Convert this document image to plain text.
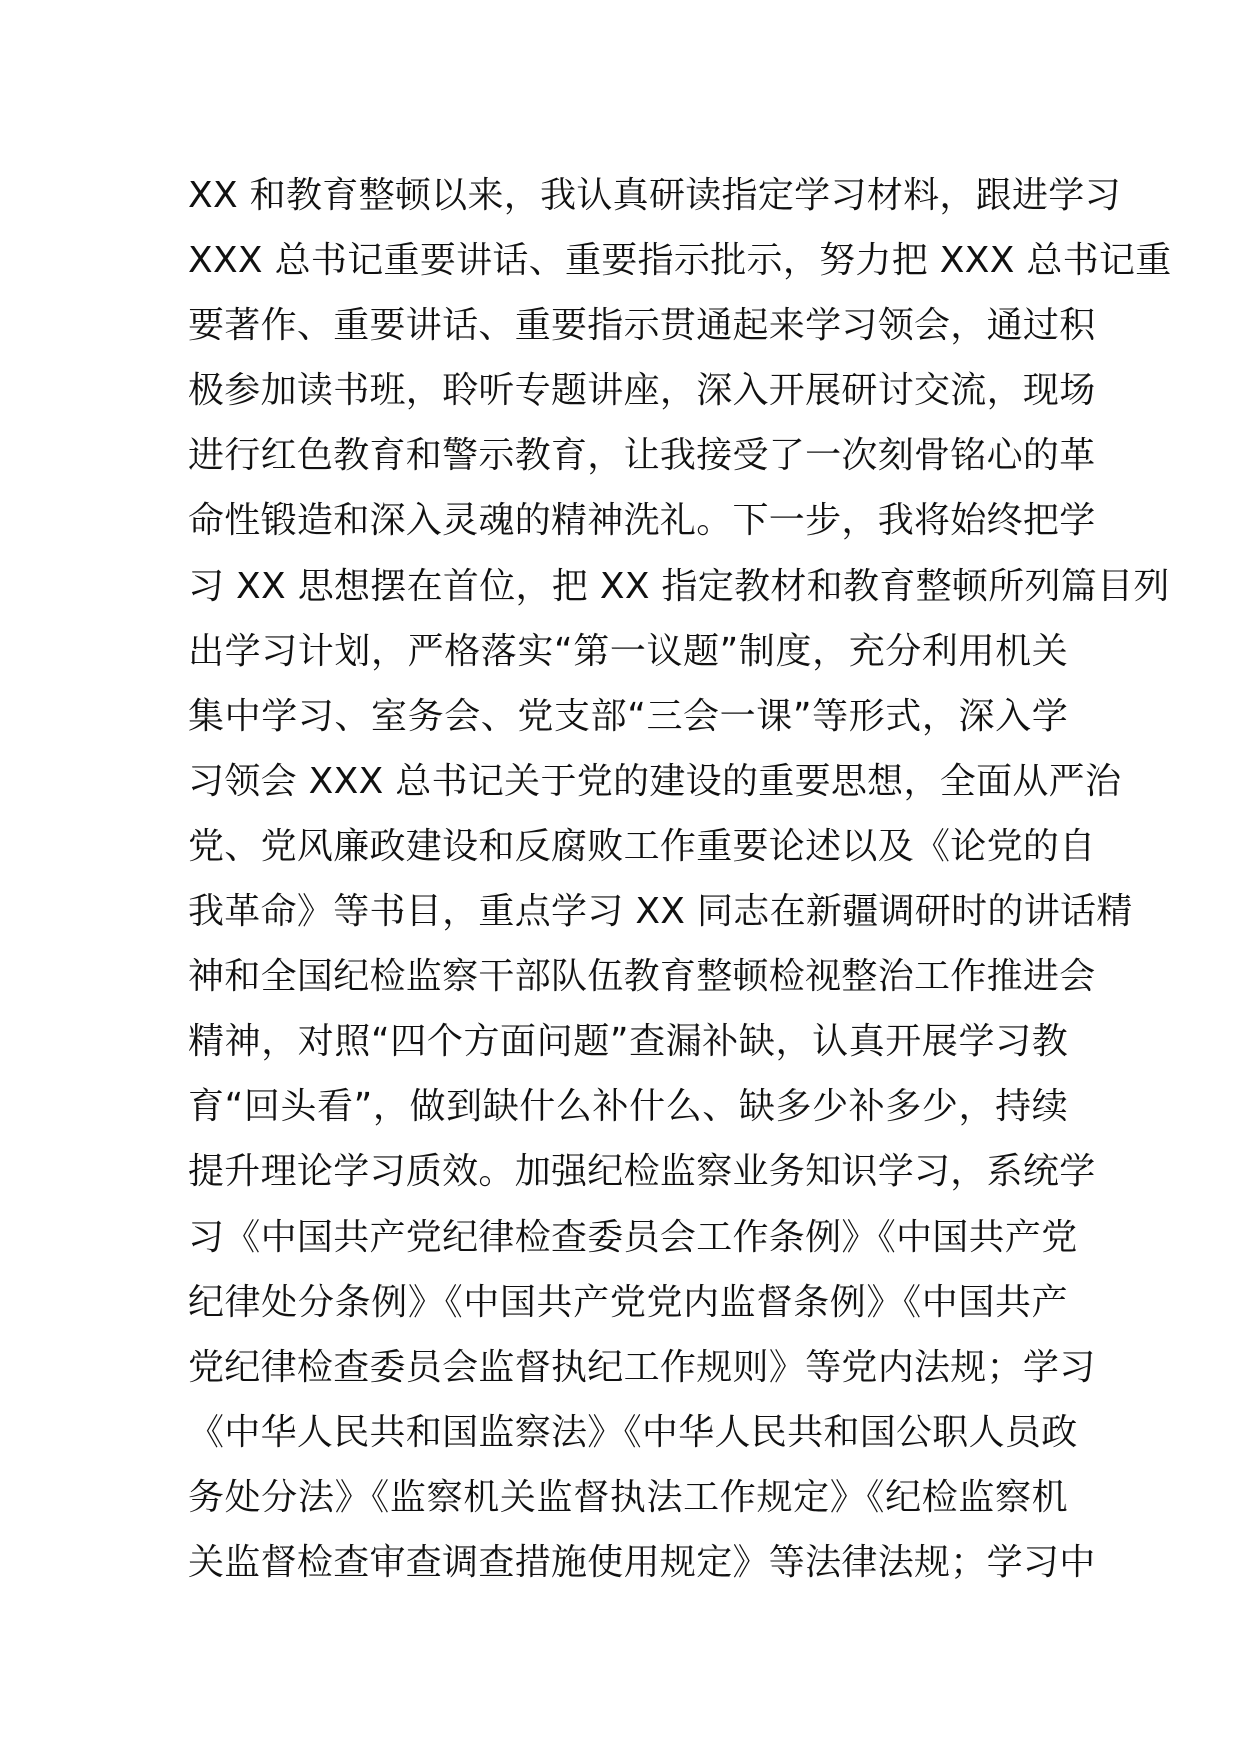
XX 和教育整顿以来，我认真研读指定学习材料，跟进学习
XXX 总书记重要讲话、重要指示批示，努力把 XXX 总书记重
要著作、重要讲话、重要指示贯通起来学习领会，通过积
极参加读书班，聆听专题讲座，深入开展研讨交流，现场
进行红色教育和警示教育，让我接受了一次刻骨铭心的革
命性锻造和深入灵魂的精神洗礼。下一步，我将始终把学
习 XX 思想摆在首位，把 XX 指定教材和教育整顿所列篇目列
出学习计划，严格落实“第一议题”制度，充分利用机关
集中学习、室务会、党支部“三会一课”等形式，深入学
习领会 XXX 总书记关于党的建设的重要思想，全面从严治
党、党风廉政建设和反腐败工作重要论述以及《论党的自
我革命》等书目，重点学习 XX 同志在新疆调研时的讲话精
神和全国纪检监察干部队伍教育整顿检视整治工作推进会
精神，对照“四个方面问题”查漏补缺，认真开展学习教
育“回头看”，做到缺什么补什么、缺多少补多少，持续
提升理论学习质效。加强纪检监察业务知识学习，系统学
习《中国共产党纪律检查委员会工作条例》《中国共产党
纪律处分条例》《中国共产党党内监督条例》《中国共产
党纪律检查委员会监督执纪工作规则》等党内法规；学习
《中华人民共和国监察法》《中华人民共和国公职人员政
务处分法》《监察机关监督执法工作规定》《纪检监察机
关监督检查审查调查措施使用规定》等法律法规；学习中
